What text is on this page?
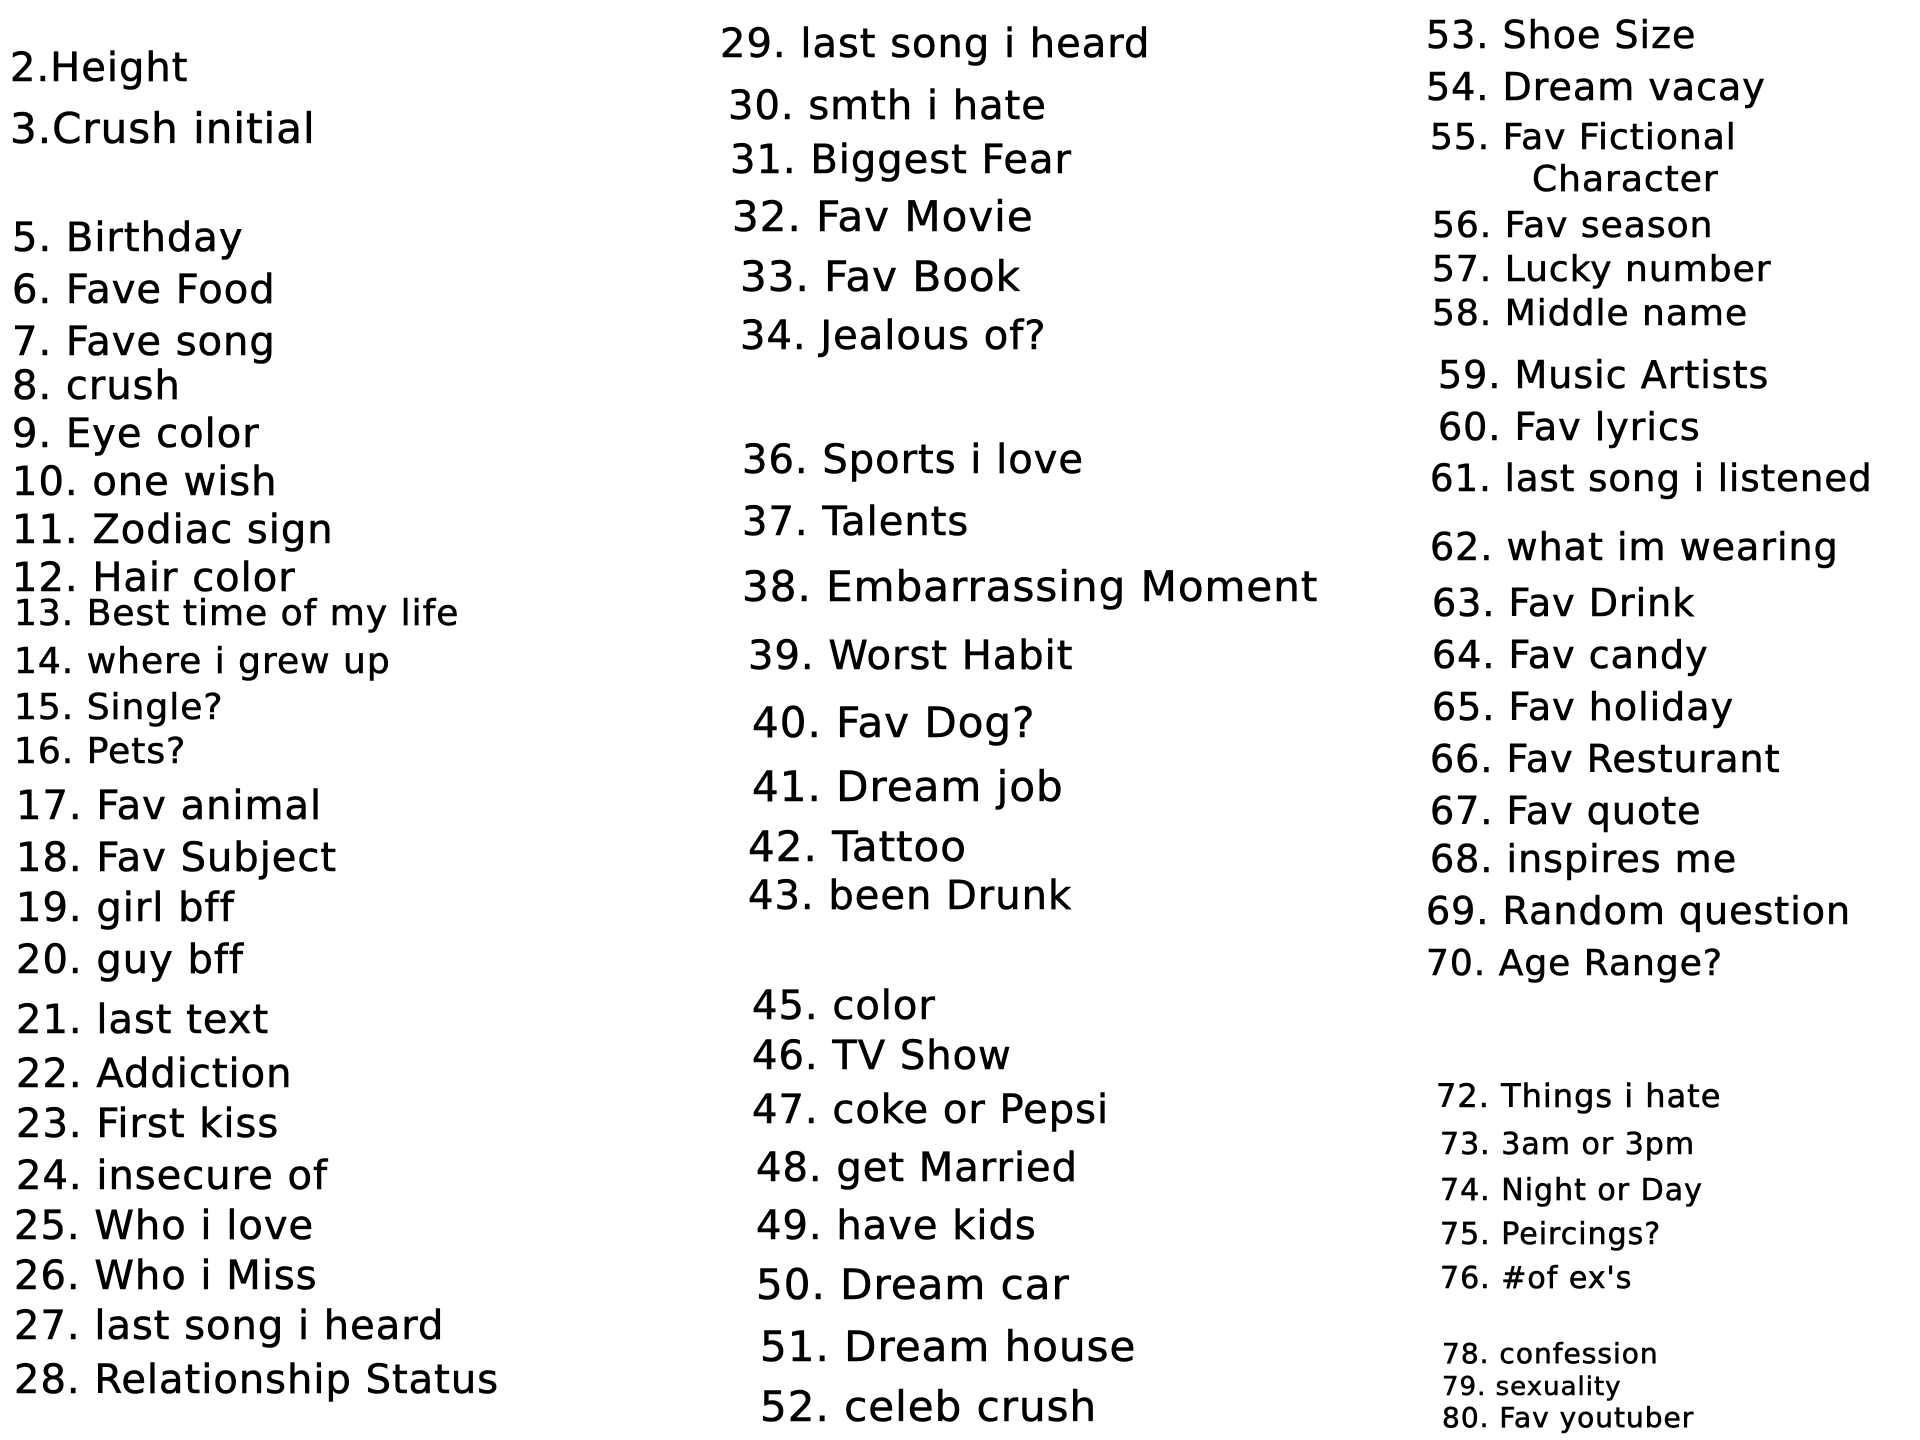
2.Height
3.Crush initial
5. Birthday
6. Fave Food
7. Fave song
8. crush
9. Eye color
10. one wish
11. Zodiac sign
12. Hair color
13. Best time of my life
14. where i grew up
15. Single?
16. Pets?
17. Fav animal
18. Fav Subject
19. girl bff
20. guy bff
21. last text
22. Addiction
23. First kiss
24. insecure of
25. Who i love
26. Who i Miss
27. last song i heard
28. Relationship Status
29. last song i heard
30. smth i hate
31. Biggest Fear
32. Fav Movie
33. Fav Book
34. Jealous of?
36. Sports i love
37. Talents
38. Embarrassing Moment
39. Worst Habit
40. Fav Dog?
41. Dream job
42. Tattoo
43. been Drunk
45. color
46. TV Show
47. coke or Pepsi
48. get Married
49. have kids
50. Dream car
51. Dream house
52. celeb crush
53. Shoe Size
54. Dream vacay
55. Fav Fictional
Character
56. Fav season
57. Lucky number
58. Middle name
59. Music Artists
60. Fav lyrics
61. last song i listened
62. what im wearing
63. Fav Drink
64. Fav candy
65. Fav holiday
66. Fav Resturant
67. Fav quote
68. inspires me
69. Random question
70. Age Range?
72. Things i hate
73. 3am or 3pm
74. Night or Day
75. Peircings?
76. #of ex's
78. confession
79. sexuality
80. Fav youtuber
